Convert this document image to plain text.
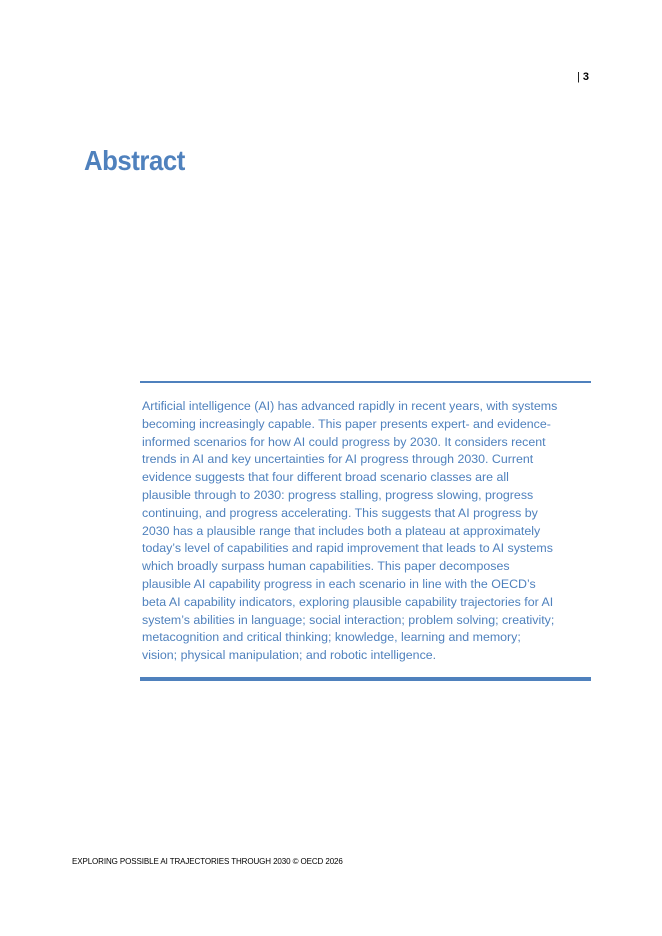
| 3
Abstract

Artificial intelligence (AI) has advanced rapidly in recent years, with systems
becoming increasingly capable. This paper presents expert- and evidence-
informed scenarios for how AI could progress by 2030. It considers recent
trends in AI and key uncertainties for AI progress through 2030. Current
evidence suggests that four different broad scenario classes are all
plausible through to 2030: progress stalling, progress slowing, progress
continuing, and progress accelerating. This suggests that AI progress by
2030 has a plausible range that includes both a plateau at approximately
today’s level of capabilities and rapid improvement that leads to AI systems
which broadly surpass human capabilities. This paper decomposes
plausible AI capability progress in each scenario in line with the OECD’s
beta AI capability indicators, exploring plausible capability trajectories for AI
system’s abilities in language; social interaction; problem solving; creativity;
metacognition and critical thinking; knowledge, learning and memory;
vision; physical manipulation; and robotic intelligence.

EXPLORING POSSIBLE AI TRAJECTORIES THROUGH 2030 © OECD 2026
